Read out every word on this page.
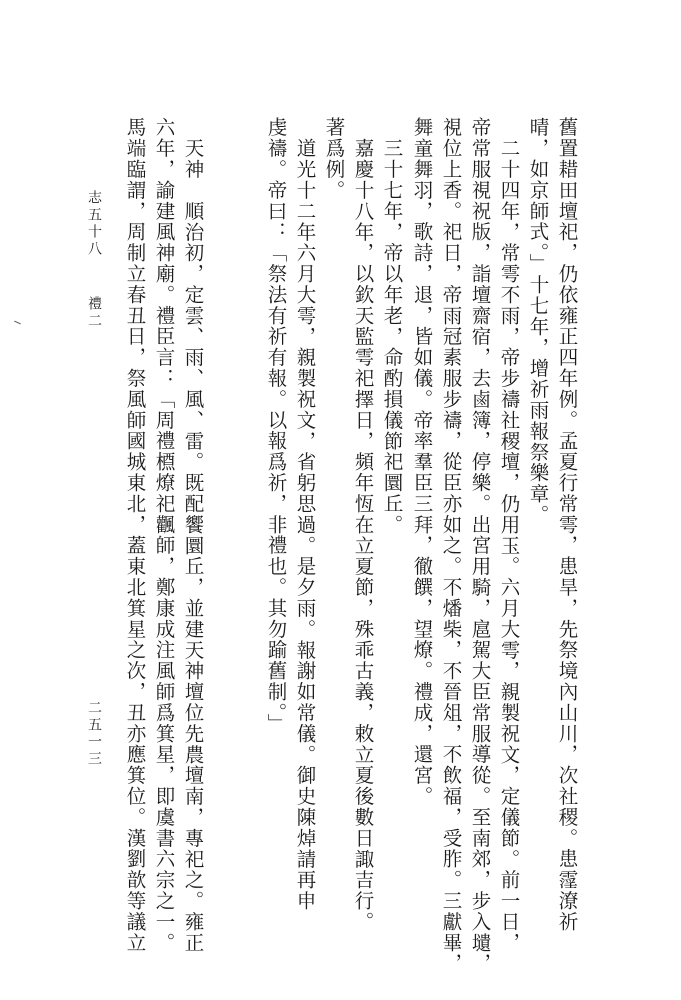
舊置耤田壇祀，仍依雍正四年例。孟夏行常雩，患旱，先祭境內山川，次社稷。患霪潦祈
晴，如京師式。」十七年，增祈雨報祭樂章。
二十四年，常雩不雨，帝步禱社稷壇，仍用玉。六月大雩，親製祝文，定儀節。前一日，
帝常服視祝版，詣壇齋宿，去鹵簿，停樂。出宮用騎，扈駕大臣常服導從。至南郊，步入壝，
視位上香。祀日，帝雨冠素服步禱，從臣亦如之。不燔柴，不晉俎，不飲福，受胙。三獻畢，
舞童舞羽，歌詩，退，皆如儀。帝率羣臣三拜，徹饌，望燎。禮成，還宮。
三十七年，帝以年老，命酌損儀節祀圜丘。
嘉慶十八年，以欽天監雩祀擇日，頻年恆在立夏節，殊乖古義，敕立夏後數日諏吉行。
著爲例。
道光十二年六月大雩，親製祝文，省躬思過。是夕雨。報謝如常儀。御史陳焯請再申
虔禱。帝曰：「祭法有祈有報。以報爲祈，非禮也。其勿踰舊制。」
天神　順治初，定雲、雨、風、雷。既配饗圜丘，並建天神壇位先農壇南，專祀之。雍正
六年，諭建風神廟。禮臣言：「周禮槱燎祀飌師，鄭康成注風師爲箕星，即虞書六宗之一。
馬端臨謂，周制立春丑日，祭風師國城東北，蓋東北箕星之次，丑亦應箕位。漢劉歆等議立
志五十八
禮二
二五一三
